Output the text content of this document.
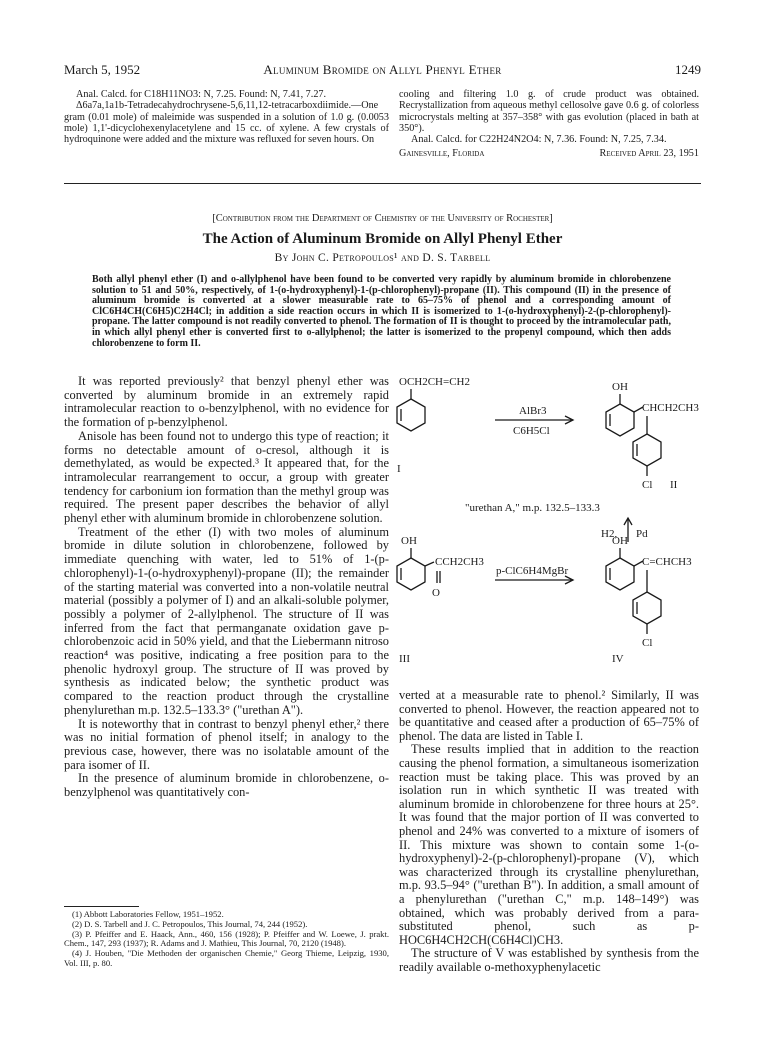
March 5, 1952	Aluminum Bromide on Allyl Phenyl Ether	1249

Anal. Calcd. for C18H11NO3: N, 7.25. Found: N, 7.41, 7.27.

Δ6a7a,1a1b-Tetradecahydrochrysene-5,6,11,12-tetracarboxdiimide.—One gram (0.01 mole) of maleimide was suspended in a solution of 1.0 g. (0.0053 mole) 1,1'-dicyclohexenylacetylene and 15 cc. of xylene. A few crystals of hydroquinone were added and the mixture was refluxed for seven hours. On

cooling and filtering 1.0 g. of crude product was obtained. Recrystallization from aqueous methyl cellosolve gave 0.6 g. of colorless microcrystals melting at 357–358° with gas evolution (placed in bath at 350°).

Anal. Calcd. for C22H24N2O4: N, 7.36. Found: N, 7.25, 7.34.

Gainesville, Florida	Received April 23, 1951
[Contribution from the Department of Chemistry of the University of Rochester]
The Action of Aluminum Bromide on Allyl Phenyl Ether
By John C. Petropoulos¹ and D. S. Tarbell
Both allyl phenyl ether (I) and o-allylphenol have been found to be converted very rapidly by aluminum bromide in chlorobenzene solution to 51 and 50%, respectively, of 1-(o-hydroxyphenyl)-1-(p-chlorophenyl)-propane (II). This compound (II) in the presence of aluminum bromide is converted at a slower measurable rate to 65–75% of phenol and a corresponding amount of ClC6H4CH(C6H5)C2H4Cl; in addition a side reaction occurs in which II is isomerized to 1-(o-hydroxyphenyl)-2-(p-chlorophenyl)-propane. The latter compound is not readily converted to phenol. The formation of II is thought to proceed by the intramolecular path, in which allyl phenyl ether is converted first to o-allylphenol; the latter is isomerized to the propenyl compound, which then adds chlorobenzene to form II.

It was reported previously² that benzyl phenyl ether was converted by aluminum bromide in an extremely rapid intramolecular reaction to o-benzylphenol, with no evidence for the formation of p-benzylphenol.

Anisole has been found not to undergo this type of reaction; it forms no detectable amount of o-cresol, although it is demethylated, as would be expected.³ It appeared that, for the intramolecular rearrangement to occur, a group with greater tendency for carbonium ion formation than the methyl group was required. The present paper describes the behavior of allyl phenyl ether with aluminum bromide in chlorobenzene solution.

Treatment of the ether (I) with two moles of aluminum bromide in dilute solution in chlorobenzene, followed by immediate quenching with water, led to 51% of 1-(p-chlorophenyl)-1-(o-hydroxyphenyl)-propane (II); the remainder of the starting material was converted into a non-volatile neutral material (possibly a polymer of I) and an alkali-soluble polymer, possibly a polymer of 2-allylphenol. The structure of II was inferred from the fact that permanganate oxidation gave p-chlorobenzoic acid in 50% yield, and that the Liebermann nitroso reaction⁴ was positive, indicating a free position para to the phenolic hydroxyl group. The structure of II was proved by synthesis as indicated below; the synthetic product was compared to the reaction product through the crystalline phenylurethan m.p. 132.5–133.3° ("urethan A").

It is noteworthy that in contrast to benzyl phenyl ether,² there was no initial formation of phenol itself; in analogy to the previous case, however, there was no isolatable amount of the para isomer of II.

In the presence of aluminum bromide in chlorobenzene, o-benzylphenol was quantitatively con-

(1) Abbott Laboratories Fellow, 1951–1952.

(2) D. S. Tarbell and J. C. Petropoulos, This Journal, 74, 244 (1952).

(3) P. Pfeiffer and E. Haack, Ann., 460, 156 (1928); P. Pfeiffer and W. Loewe, J. prakt. Chem., 147, 293 (1937); R. Adams and J. Mathieu, This Journal, 70, 2120 (1948).

(4) J. Houben, "Die Methoden der organischen Chemie," Georg Thieme, Leipzig, 1930, Vol. III, p. 80.

OCH2CH=CH2
AlBr3
C6H5Cl
OH
CHCH2CH3
Cl
I
II
"urethan A," m.p. 132.5–133.3
H2, Pd
OH
CCH2CH3
O
p-ClC6H4MgBr
OH
C=CHCH3
Cl
III	IV

verted at a measurable rate to phenol.² Similarly, II was converted to phenol. However, the reaction appeared not to be quantitative and ceased after a production of 65–75% of phenol. The data are listed in Table I.

These results implied that in addition to the reaction causing the phenol formation, a simultaneous isomerization reaction must be taking place. This was proved by an isolation run in which synthetic II was treated with aluminum bromide in chlorobenzene for three hours at 25°. It was found that the major portion of II was converted to phenol and 24% was converted to a mixture of isomers of II. This mixture was shown to contain some 1-(o-hydroxyphenyl)-2-(p-chlorophenyl)-propane (V), which was characterized through its crystalline phenylurethan, m.p. 93.5–94° ("urethan B"). In addition, a small amount of a phenylurethan ("urethan C," m.p. 148–149°) was obtained, which was probably derived from a para-substituted phenol, such as p-HOC6H4CH2CH(C6H4Cl)CH3.

The structure of V was established by synthesis from the readily available o-methoxyphenylacetic
